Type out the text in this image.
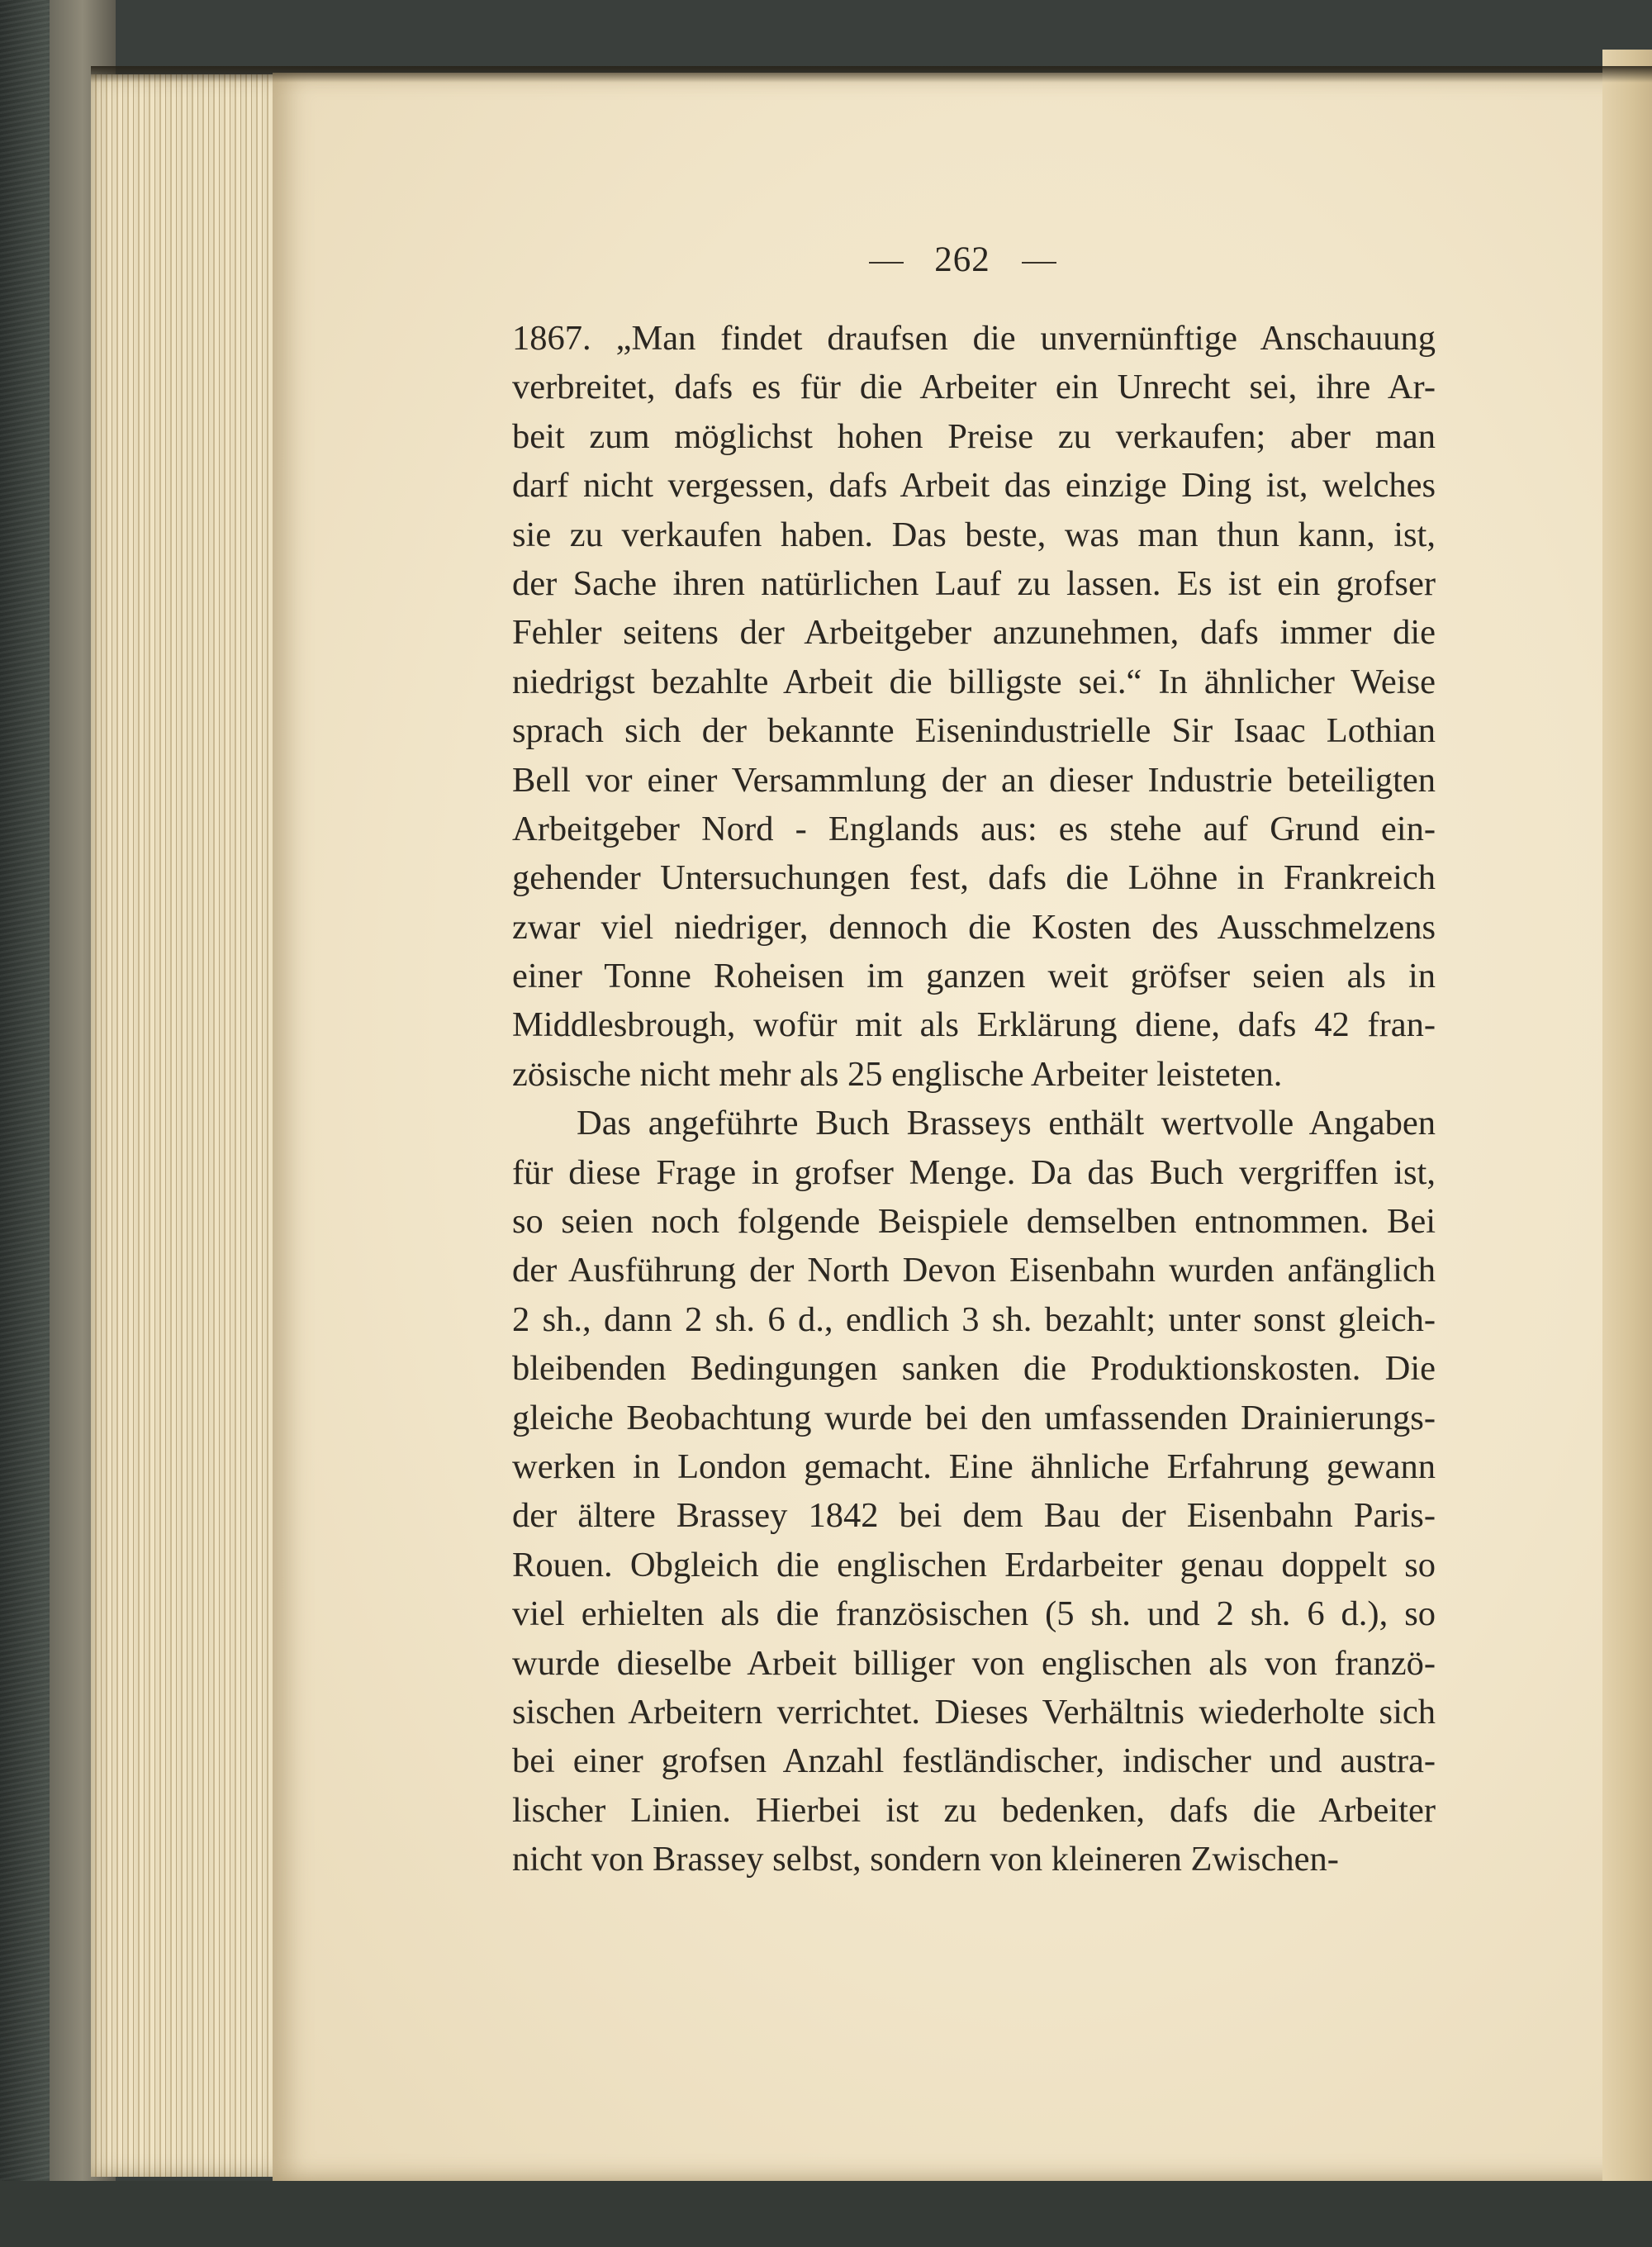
262
1867. „Man findet draufsen die unvernünftige Anschauung
verbreitet, dafs es für die Arbeiter ein Unrecht sei, ihre Ar-
beit zum möglichst hohen Preise zu verkaufen; aber man
darf nicht vergessen, dafs Arbeit das einzige Ding ist, welches
sie zu verkaufen haben. Das beste, was man thun kann, ist,
der Sache ihren natürlichen Lauf zu lassen. Es ist ein grofser
Fehler seitens der Arbeitgeber anzunehmen, dafs immer die
niedrigst bezahlte Arbeit die billigste sei.“ In ähnlicher Weise
sprach sich der bekannte Eisenindustrielle Sir Isaac Lothian
Bell vor einer Versammlung der an dieser Industrie beteiligten
Arbeitgeber Nord - Englands aus: es stehe auf Grund ein-
gehender Untersuchungen fest, dafs die Löhne in Frankreich
zwar viel niedriger, dennoch die Kosten des Ausschmelzens
einer Tonne Roheisen im ganzen weit gröfser seien als in
Middlesbrough, wofür mit als Erklärung diene, dafs 42 fran-
zösische nicht mehr als 25 englische Arbeiter leisteten.
Das angeführte Buch Brasseys enthält wertvolle Angaben
für diese Frage in grofser Menge. Da das Buch vergriffen ist,
so seien noch folgende Beispiele demselben entnommen. Bei
der Ausführung der North Devon Eisenbahn wurden anfänglich
2 sh., dann 2 sh. 6 d., endlich 3 sh. bezahlt; unter sonst gleich-
bleibenden Bedingungen sanken die Produktionskosten. Die
gleiche Beobachtung wurde bei den umfassenden Drainierungs-
werken in London gemacht. Eine ähnliche Erfahrung gewann
der ältere Brassey 1842 bei dem Bau der Eisenbahn Paris-
Rouen. Obgleich die englischen Erdarbeiter genau doppelt so
viel erhielten als die französischen (5 sh. und 2 sh. 6 d.), so
wurde dieselbe Arbeit billiger von englischen als von franzö-
sischen Arbeitern verrichtet. Dieses Verhältnis wiederholte sich
bei einer grofsen Anzahl festländischer, indischer und austra-
lischer Linien. Hierbei ist zu bedenken, dafs die Arbeiter
nicht von Brassey selbst, sondern von kleineren Zwischen-
